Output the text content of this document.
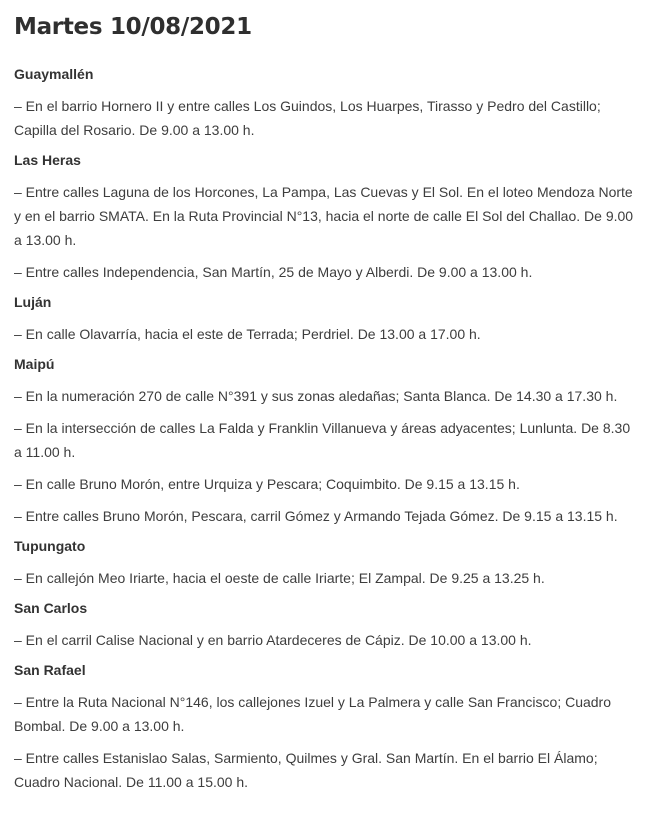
Martes 10/08/2021
Guaymallén

– En el barrio Hornero II y entre calles Los Guindos, Los Huarpes, Tirasso y Pedro del Castillo; Capilla del Rosario. De 9.00 a 13.00 h.

Las Heras

– Entre calles Laguna de los Horcones, La Pampa, Las Cuevas y El Sol. En el loteo Mendoza Norte y en el barrio SMATA. En la Ruta Provincial N°13, hacia el norte de calle El Sol del Challao. De 9.00 a 13.00 h.

– Entre calles Independencia, San Martín, 25 de Mayo y Alberdi. De 9.00 a 13.00 h.

Luján

– En calle Olavarría, hacia el este de Terrada; Perdriel. De 13.00 a 17.00 h.

Maipú

– En la numeración 270 de calle N°391 y sus zonas aledañas; Santa Blanca. De 14.30 a 17.30 h.

– En la intersección de calles La Falda y Franklin Villanueva y áreas adyacentes; Lunlunta. De 8.30 a 11.00 h.

– En calle Bruno Morón, entre Urquiza y Pescara; Coquimbito. De 9.15 a 13.15 h.

– Entre calles Bruno Morón, Pescara, carril Gómez y Armando Tejada Gómez. De 9.15 a 13.15 h.

Tupungato

– En callejón Meo Iriarte, hacia el oeste de calle Iriarte; El Zampal. De 9.25 a 13.25 h.

San Carlos

– En el carril Calise Nacional y en barrio Atardeceres de Cápiz. De 10.00 a 13.00 h.

San Rafael

– Entre la Ruta Nacional N°146, los callejones Izuel y La Palmera y calle San Francisco; Cuadro Bombal. De 9.00 a 13.00 h.

– Entre calles Estanislao Salas, Sarmiento, Quilmes y Gral. San Martín. En el barrio El Álamo; Cuadro Nacional. De 11.00 a 15.00 h.
